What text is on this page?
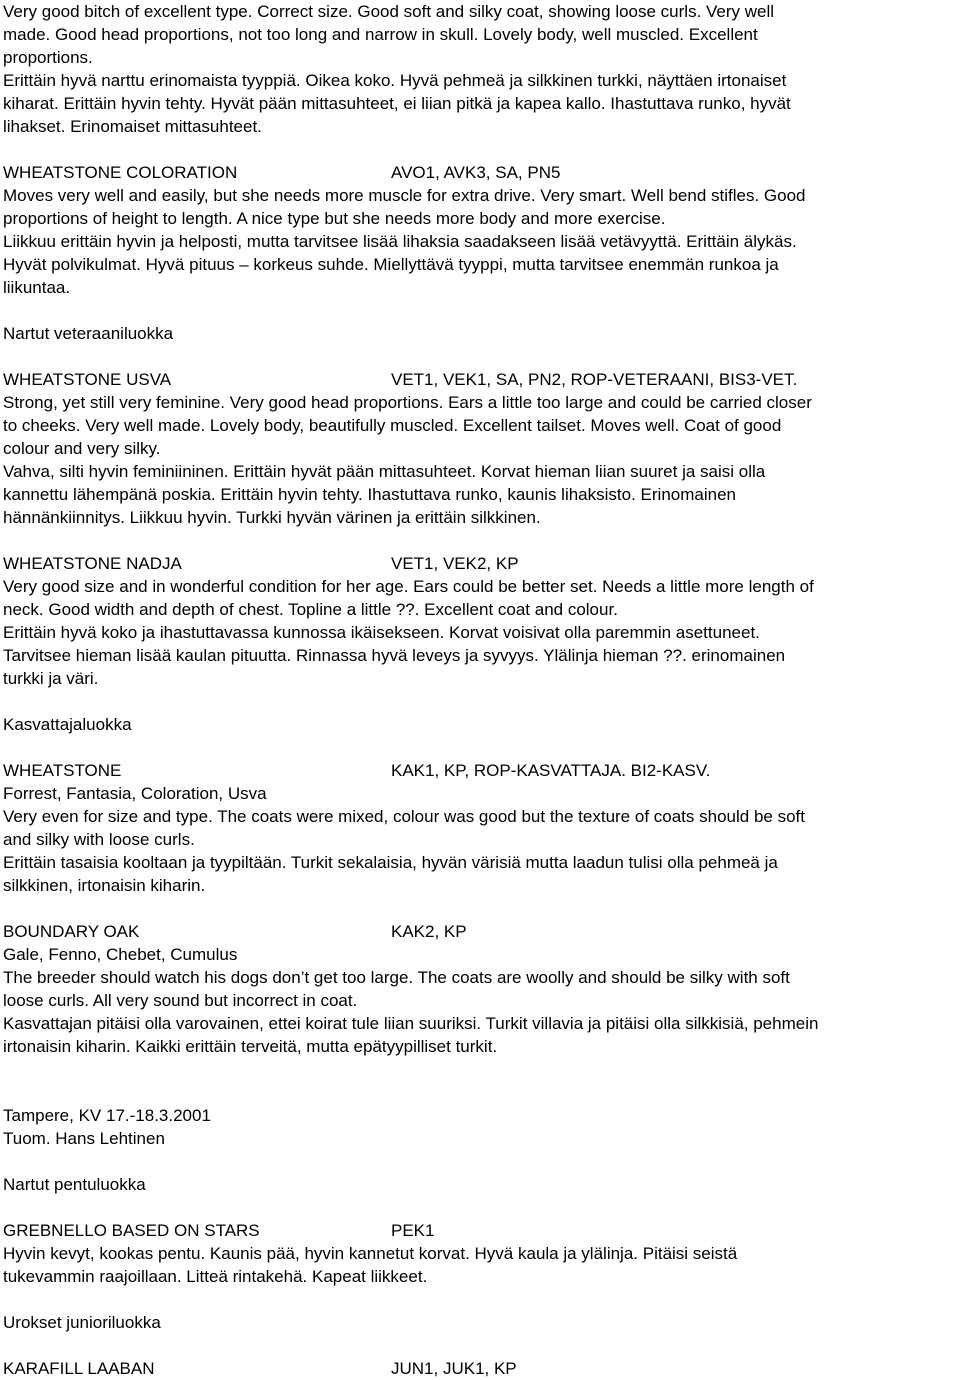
Very good bitch of excellent type. Correct size. Good soft and silky coat, showing loose curls. Very well
made. Good head proportions, not too long and narrow in skull. Lovely body, well muscled. Excellent
proportions.
Erittäin hyvä narttu erinomaista tyyppiä. Oikea koko. Hyvä pehmeä ja silkkinen turkki, näyttäen irtonaiset
kiharat. Erittäin hyvin tehty. Hyvät pään mittasuhteet, ei liian pitkä ja kapea kallo. Ihastuttava runko, hyvät
lihakset. Erinomaiset mittasuhteet.
WHEATSTONE COLORATION	AVO1, AVK3, SA, PN5
Moves very well and easily, but she needs more muscle for extra drive. Very smart. Well bend stifles. Good
proportions of height to length. A nice type but she needs more body and more exercise.
Liikkuu erittäin hyvin ja helposti, mutta tarvitsee lisää lihaksia saadakseen lisää vetävyyttä. Erittäin älykäs.
Hyvät polvikulmat. Hyvä pituus – korkeus suhde. Miellyttävä tyyppi, mutta tarvitsee enemmän runkoa ja
liikuntaa.
Nartut veteraaniluokka
WHEATSTONE USVA	VET1, VEK1, SA, PN2, ROP-VETERAANI, BIS3-VET.
Strong, yet still very feminine. Very good head proportions. Ears a little too large and could be carried closer
to cheeks. Very well made. Lovely body, beautifully muscled. Excellent tailset. Moves well. Coat of good
colour and very silky.
Vahva, silti hyvin feminiininen. Erittäin hyvät pään mittasuhteet. Korvat hieman liian suuret ja saisi olla
kannettu lähempänä poskia. Erittäin hyvin tehty. Ihastuttava runko, kaunis lihaksisto. Erinomainen
hännänkiinnitys. Liikkuu hyvin. Turkki hyvän värinen ja erittäin silkkinen.
WHEATSTONE NADJA	VET1, VEK2, KP
Very good size and in wonderful condition for her age. Ears could be better set. Needs a little more length of
neck. Good width and depth of chest. Topline a little ??. Excellent coat and colour.
Erittäin hyvä koko ja ihastuttavassa kunnossa ikäisekseen. Korvat voisivat olla paremmin asettuneet.
Tarvitsee hieman lisää kaulan pituutta. Rinnassa hyvä leveys ja syvyys. Ylälinja hieman ??. erinomainen
turkki ja väri.
Kasvattajaluokka
WHEATSTONE	KAK1, KP, ROP-KASVATTAJA. BI2-KASV.
Forrest, Fantasia, Coloration, Usva
Very even for size and type. The coats were mixed, colour was good but the texture of coats should be soft
and silky with loose curls.
Erittäin tasaisia kooltaan ja tyypiltään. Turkit sekalaisia, hyvän värisiä mutta laadun tulisi olla pehmeä ja
silkkinen, irtonaisin kiharin.
BOUNDARY OAK	KAK2, KP
Gale, Fenno, Chebet, Cumulus
The breeder should watch his dogs don’t get too large. The coats are woolly and should be silky with soft
loose curls. All very sound but incorrect in coat.
Kasvattajan pitäisi olla varovainen, ettei koirat tule liian suuriksi. Turkit villavia ja pitäisi olla silkkisiä, pehmein
irtonaisin kiharin. Kaikki erittäin terveitä, mutta epätyypilliset turkit.
Tampere, KV 17.-18.3.2001
Tuom. Hans Lehtinen
Nartut pentuluokka
GREBNELLO BASED ON STARS	PEK1
Hyvin kevyt, kookas pentu. Kaunis pää, hyvin kannetut korvat. Hyvä kaula ja ylälinja. Pitäisi seistä
tukevammin raajoillaan. Litteä rintakehä. Kapeat liikkeet.
Urokset junioriluokka
KARAFILL LAABAN	JUN1, JUK1, KP
